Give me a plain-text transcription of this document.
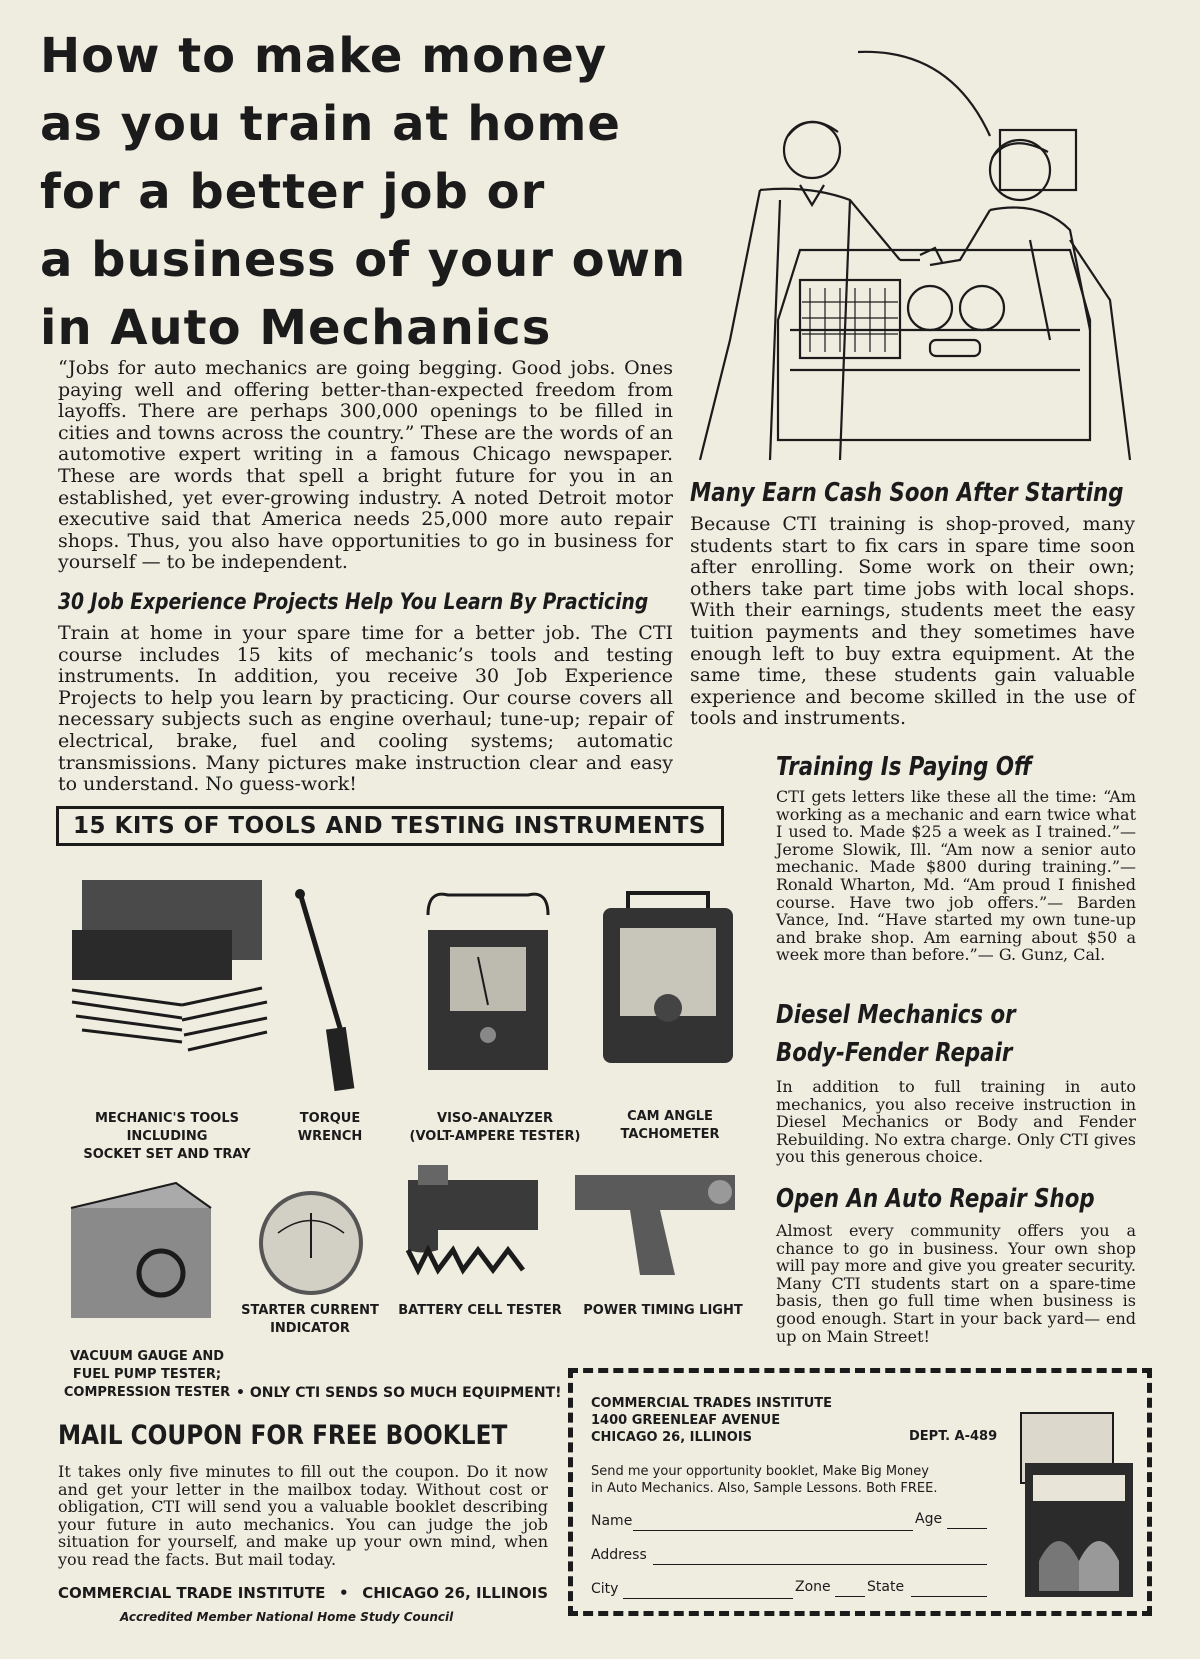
How to make money
as you train at home
for a better job or
a business of your own
in Auto Mechanics
“Jobs for auto mechanics are going begging. Good jobs. Ones paying well and offering better-than-expected freedom from layoffs. There are perhaps 300,000 openings to be filled in cities and towns across the country.” These are the words of an automotive expert writing in a famous Chicago newspaper. These are words that spell a bright future for you in an established, yet ever-growing industry. A noted Detroit motor executive said that America needs 25,000 more auto repair shops. Thus, you also have opportunities to go in business for yourself — to be independent.
30 Job Experience Projects Help You Learn By Practicing
Train at home in your spare time for a better job. The CTI course includes 15 kits of mechanic’s tools and testing instruments. In addition, you receive 30 Job Experience Projects to help you learn by practicing. Our course covers all necessary subjects such as engine overhaul; tune-up; repair of electrical, brake, fuel and cooling systems; automatic transmissions. Many pictures make instruction clear and easy to understand. No guess-work!
Many Earn Cash Soon After Starting
Because CTI training is shop-proved, many students start to fix cars in spare time soon after enrolling. Some work on their own; others take part time jobs with local shops. With their earnings, students meet the easy tuition payments and they sometimes have enough left to buy extra equipment. At the same time, these students gain valuable experience and become skilled in the use of tools and instruments.
Training Is Paying Off
CTI gets letters like these all the time: “Am working as a mechanic and earn twice what I used to. Made $25 a week as I trained.”— Jerome Slowik, Ill. “Am now a senior auto mechanic. Made $800 during training.”— Ronald Wharton, Md. “Am proud I finished course. Have two job offers.”— Barden Vance, Ind. “Have started my own tune-up and brake shop. Am earning about $50 a week more than before.”— G. Gunz, Cal.
Diesel Mechanics or
Body-Fender Repair
In addition to full training in auto mechanics, you also receive instruction in Diesel Mechanics or Body and Fender Rebuilding. No extra charge. Only CTI gives you this generous choice.
Open An Auto Repair Shop
Almost every community offers you a chance to go in business. Your own shop will pay more and give you greater security. Many CTI students start on a spare-time basis, then go full time when business is good enough. Start in your back yard— end up on Main Street!
15 KITS OF TOOLS AND TESTING INSTRUMENTS
MECHANIC'S TOOLS
INCLUDING
SOCKET SET AND TRAY
TORQUE
WRENCH
VISO-ANALYZER
(VOLT-AMPERE TESTER)
CAM ANGLE
TACHOMETER
VACUUM GAUGE AND
FUEL PUMP TESTER;
COMPRESSION TESTER
STARTER CURRENT
INDICATOR
BATTERY CELL TESTER	POWER TIMING LIGHT
• ONLY CTI SENDS SO MUCH EQUIPMENT!
MAIL COUPON FOR FREE BOOKLET
It takes only five minutes to fill out the coupon. Do it now and get your letter in the mailbox today. Without cost or obligation, CTI will send you a valuable booklet describing your future in auto mechanics. You can judge the job situation for yourself, and make up your own mind, when you read the facts. But mail today.
COMMERCIAL TRADE INSTITUTE • CHICAGO 26, ILLINOIS
Accredited Member National Home Study Council
COMMERCIAL TRADES INSTITUTE
1400 GREENLEAF AVENUE
CHICAGO 26, ILLINOIS	DEPT. A-489
Send me your opportunity booklet, Make Big Money
in Auto Mechanics. Also, Sample Lessons. Both FREE.
Name	Age
Address
City	Zone	State
